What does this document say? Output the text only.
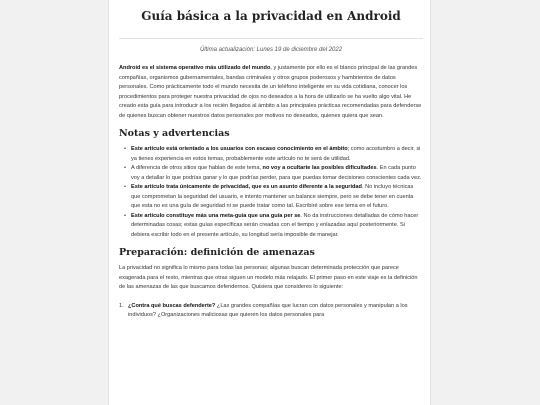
Guía básica a la privacidad en Android
Última actualización: Lunes 19 de diciembre del 2022

Android es el sistema operativo más utilizado del mundo, y justamente por ello es el blanco principal de las grandes compañías, organismos gubernamentales, bandas criminales y otros grupos poderosos y hambrientos de datos personales. Como prácticamente todo el mundo necesita de un teléfono inteligente en su vida cotidiana, conocer los procedimientos para proteger nuestra privacidad de ojos no deseados a la hora de utilizarlo se ha vuelto algo vital. He creado esta guía para introducir a los recién llegados al ámbito a las principales prácticas recomendadas para defenderse de quienes buscan obtener nuestros datos personales por motivos no deseados, quienes quiera que sean.

Notas y advertencias
• Este artículo está orientado a los usuarios con escaso conocimiento en el ámbito; como acostumbro a decir, si ya tienes experiencia en estos temas, probablemente este artículo no te será de utilidad.
• A diferencia de otros sitios que hablan de este tema, no voy a ocultarte las posibles dificultades. En cada punto voy a detallar lo que podrías ganar y lo que podrías perder, para que puedas tomar decisiones conscientes cada vez.
• Este artículo trata únicamente de privacidad, que es un asunto diferente a la seguridad. No incluyo técnicas que comprometan la seguridad del usuario, e intento mantener un balance siempre, pero se debe tener en cuenta que esta no es una guía de seguridad ni se puede tratar como tal. Escribiré sobre ese tema en el futuro.
• Este artículo constituye más una meta-guía que una guía per se. No da instrucciones detalladas de cómo hacer determinadas cosas; estas guías específicas serán creadas con el tiempo y enlazadas aquí posteriormente. Si debiera escribir todo en el presente artículo, su longitud sería imposible de manejar.
Preparación: definición de amenazas

La privacidad no significa lo mismo para todas las personas; algunas buscan determinada protección que parece exagerada para el resto, mientras que otras siguen un modelo más relajado. El primer paso en este viaje es la definición de las amenazas de las que buscamos defendernos. Quisiera que consideres lo siguiente:

1. ¿Contra qué buscas defenderte? ¿Las grandes compañías que lucran con datos personales y manipulan a los individuos? ¿Organizaciones maliciosas que quieren los datos personales para
